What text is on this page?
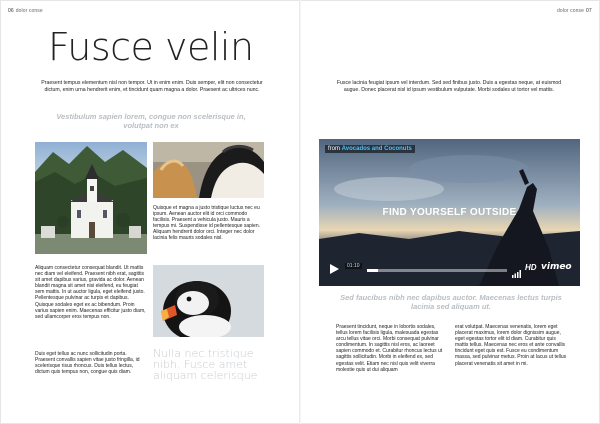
06 dolor conse
Fusce velin
Praesent tempus elementum nisl non tempor. Ut in enim enim. Duis semper, elit non consectetur dictum, enim urna hendrerit enim, et tincidunt quam magna a dolor. Praesent ac ultrices nunc.
Vestibulum sapien lorem, congue non scelerisque in, volutpat non ex
Quisque et magna a justo tristique luctus nec eu ipsum. Aenean auctor elit id orci commodo facilisis. Praesent a vehicula justo. Mauris a tempus mi. Suspendisse id pellentesque sapien. Aliquam hendrerit dolor orci. Integer nec dolor lacinia felis mauris sodales nisl.
Aliquam consectetur consequat blandit. Ut mattis nec diam vel eleifend. Praesent nibh erat, sagittis sit amet dapibus varius, gravida ac dolor. Aenean blandit magna sit amet nisi eleifend, eu feugiat sem mattis. In ut auctor ligula, eget eleifend justo. Pellentesque pulvinar ac turpis et dapibus. Quisque sodales eget ex ac bibendum. Proin varius sapien enim. Maecenas efficitur justo diam, sed ullamcorper eros tempus non.
Duis eget tellus ac nunc sollicitudin porta. Praesent convallis sapien vitae justo fringilla, id scelerisque risus rhoncus. Duis tellus lectus, dictum quis tempus non, congue quis diam.
Nulla nec tristique nibh. Fusce amet aliquam celerisque
dolor conse 07
Fusce lacinia feugiat ipsum vel interdum. Sed sed finibus justo. Duis a egestas neque, at euismod augue. Donec placerat nisl id ipsum vestibulum vulputate. Morbi sodales ut tortor vel mattis.
from Avocados and Coconuts
FIND YOURSELF OUTSIDE
01:10	HD vimeo
Sed faucibus nibh nec dapibus auctor. Maecenas lectus turpis lacinia sed aliquam ut.
Praesent tincidunt, neque in lobortis sodales, tellus lorem facilisis ligula, malesuada egestas arcu tellus vitae orci. Morbi consequat pulvinar condimentum. In sagittis nisl eros, ac laoreet sapien commodo et. Curabitur rhoncus lectus ut sagittis sollicitudin. Morbi in eleifend ex, sed egestas velit. Etiam nec nisl quis velit viverra molestie quis ut dui aliquam
erat volutpat. Maecenas venenatis, lorem eget placerat maximus, lorem dolor dignissim augue, eget egestas tortor elit id diam. Curabitur quis mattis tellus. Maecenas nec eros et ante convallis tincidunt eget quis est. Fusce eu condimentum massa, sed pulvinar metus. Proin at lacus ut tellus placerat venenatis sit amet in mi.
